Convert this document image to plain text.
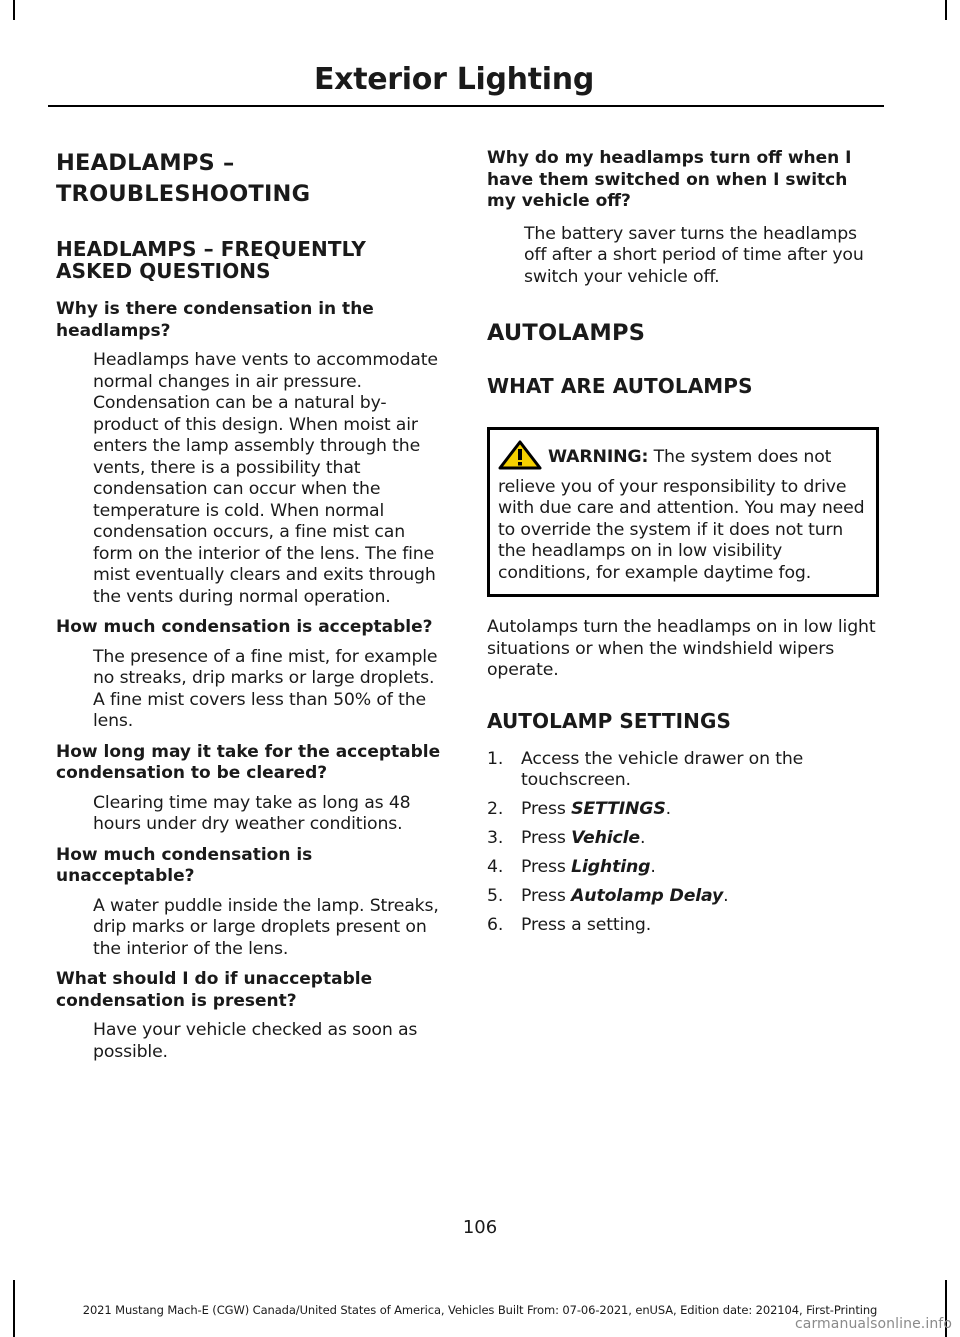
Exterior Lighting
HEADLAMPS –
TROUBLESHOOTING
HEADLAMPS – FREQUENTLY ASKED QUESTIONS

Why is there condensation in the headlamps?

Headlamps have vents to accommodate normal changes in air pressure. Condensation can be a natural by-product of this design. When moist air enters the lamp assembly through the vents, there is a possibility that condensation can occur when the temperature is cold. When normal condensation occurs, a fine mist can form on the interior of the lens. The fine mist eventually clears and exits through the vents during normal operation.

How much condensation is acceptable?

The presence of a fine mist, for example no streaks, drip marks or large droplets. A fine mist covers less than 50% of the lens.

How long may it take for the acceptable condensation to be cleared?

Clearing time may take as long as 48 hours under dry weather conditions.

How much condensation is unacceptable?

A water puddle inside the lamp. Streaks, drip marks or large droplets present on the interior of the lens.

What should I do if unacceptable condensation is present?

Have your vehicle checked as soon as possible.

Why do my headlamps turn off when I have them switched on when I switch my vehicle off?

The battery saver turns the headlamps off after a short period of time after you switch your vehicle off.

AUTOLAMPS
WHAT ARE AUTOLAMPS
WARNING: The system does not relieve you of your responsibility to drive with due care and attention. You may need to override the system if it does not turn the headlamps on in low visibility conditions, for example daytime fog.

Autolamps turn the headlamps on in low light situations or when the windshield wipers operate.

AUTOLAMP SETTINGS
1. Access the vehicle drawer on the touchscreen.
2. Press SETTINGS.
3. Press Vehicle.
4. Press Lighting.
5. Press Autolamp Delay.
6. Press a setting.
106
2021 Mustang Mach-E (CGW) Canada/United States of America, Vehicles Built From: 07-06-2021, enUSA, Edition date: 202104, First-Printing
carmanualsonline.info
